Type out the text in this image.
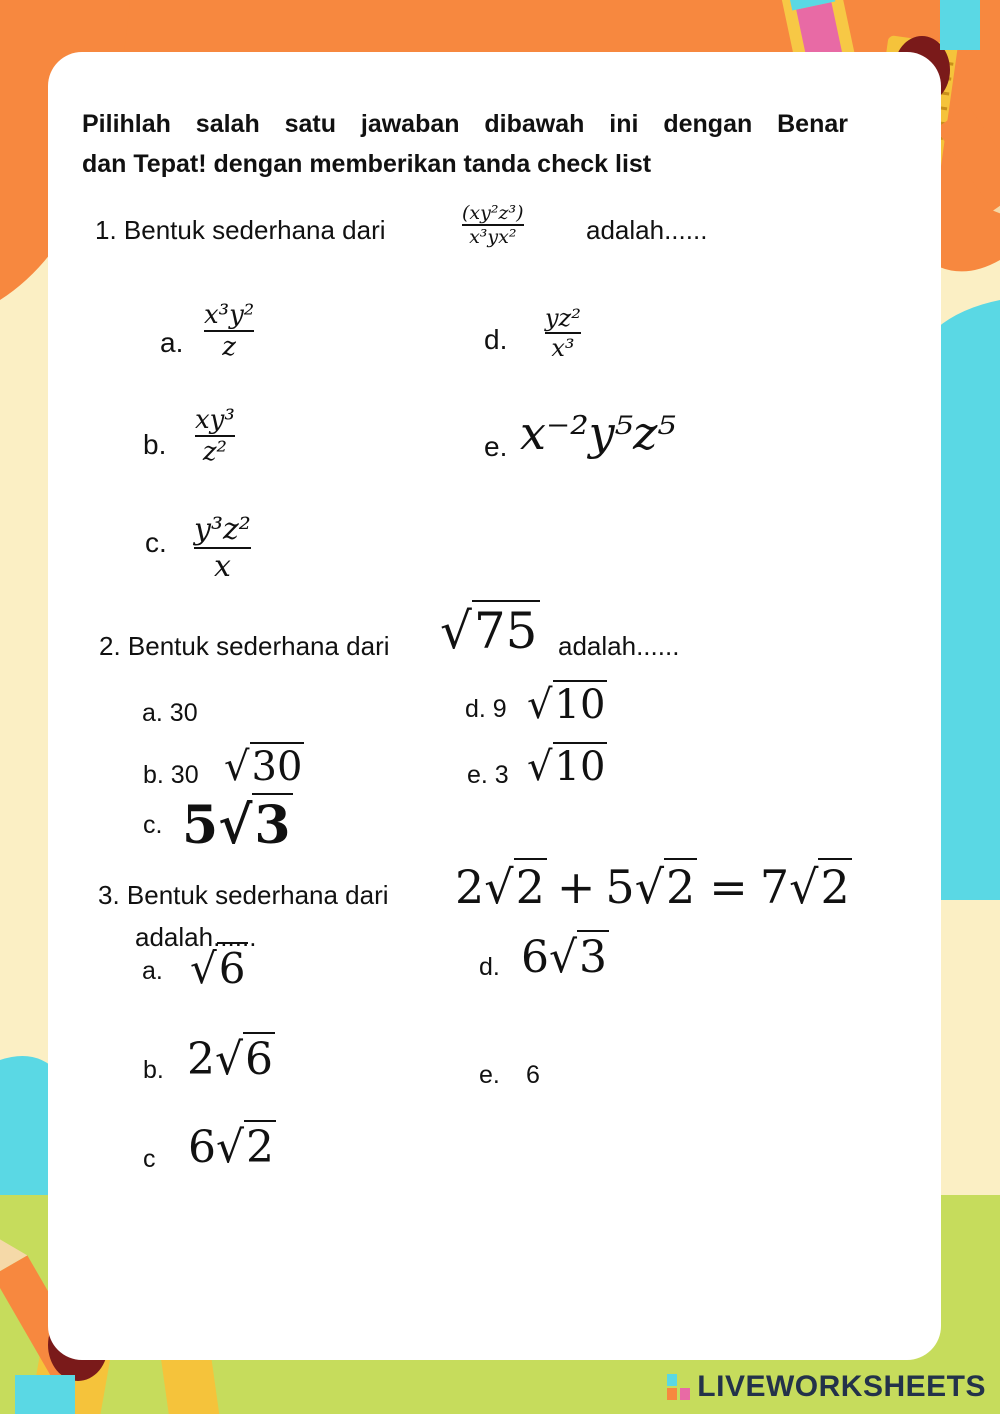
Pilihlah salah satu jawaban dibawah ini dengan Benar
dan Tepat! dengan memberikan tanda check list
1. Bentuk sederhana dari
(xy²z³)
x³yx²	adalah......
a.
x³y²
z
b.
xy³
z²
c. y³z²
x
d.
yz²
x³
e. x⁻²y⁵z⁵
2. Bentuk sederhana dari √ 75 adalah......
a. 30
b. 30 √ 30
c. 5 √ 3
d. 9 √ 10
e. 3 √ 10
3. Bentuk sederhana dari 2 √ 2 + 5 √ 2 = 7 √ 2
adalah......
a. √ 6
b. 2 √ 6
c 6 √ 2
d. 6 √ 3
e. 6
LIVEWORKSHEETS
